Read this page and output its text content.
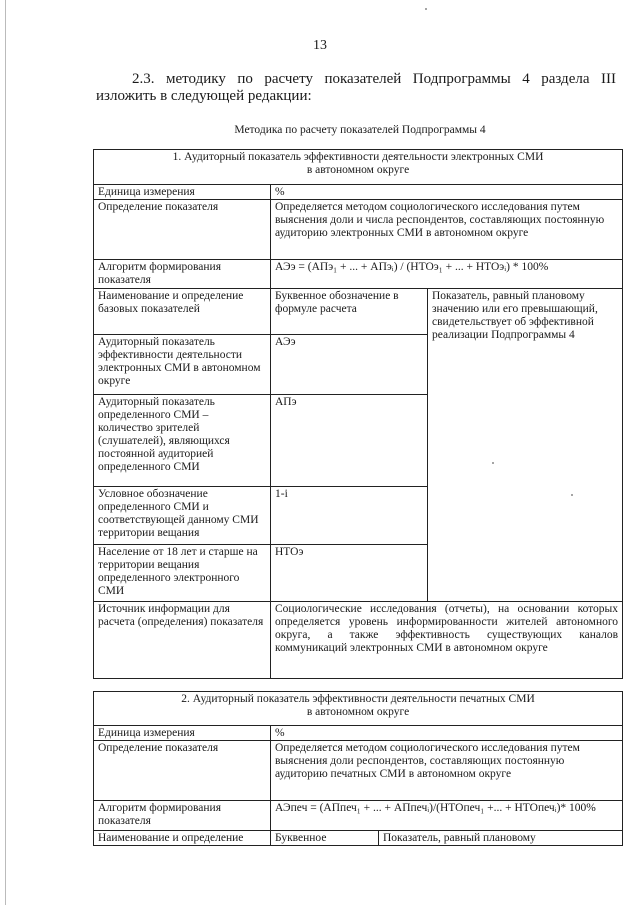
13
2.3. методику по расчету показателей Подпрограммы 4 раздела III
изложить в следующей редакции:
Методика по расчету показателей Подпрограммы 4
1. Аудиторный показатель эффективности деятельности электронных СМИ
в автономном округе		

Единица измерения	%	
Определение показателя	Определяется методом социологического исследования путем выяснения доли и числа респондентов, составляющих постоянную аудиторию электронных СМИ в автономном округе	
Алгоритм формирования показателя	АЭэ = (АПэ₁ + ... + АПэᵢ) / (НТОэ₁ + ... + НТОэᵢ) * 100%	
Наименование и определение базовых показателей	Буквенное обозначение в формуле расчета	Показатель, равный плановому значению или его превышающий, свидетельствует об эффективной реализации Подпрограммы 4
Аудиторный показатель эффективности деятельности электронных СМИ в автономном округе	АЭэ	
Аудиторный показатель определенного СМИ – количество зрителей (слушателей), являющихся постоянной аудиторией определенного СМИ	АПэ	
Условное обозначение определенного СМИ и соответствующей данному СМИ территории вещания	1-i	
Население от 18 лет и старше на территории вещания определенного электронного СМИ	НТОэ	
Источник информации для расчета (определения) показателя	Социологические исследования (отчеты), на основании которых определяется уровень информированности жителей автономного округа, а также эффективность существующих каналов коммуникаций электронных СМИ в автономном округе	
2. Аудиторный показатель эффективности деятельности печатных СМИ
в автономном округе		

Единица измерения	%	
Определение показателя	Определяется методом социологического исследования путем выяснения доли респондентов, составляющих постоянную аудиторию печатных СМИ в автономном округе	
Алгоритм формирования показателя	АЭпеч = (АПпеч₁ + ... + АПпечᵢ)/(НТОпеч₁ +... + НТОпечᵢ)* 100%	
Наименование и определение	Буквенное	Показатель, равный плановому
